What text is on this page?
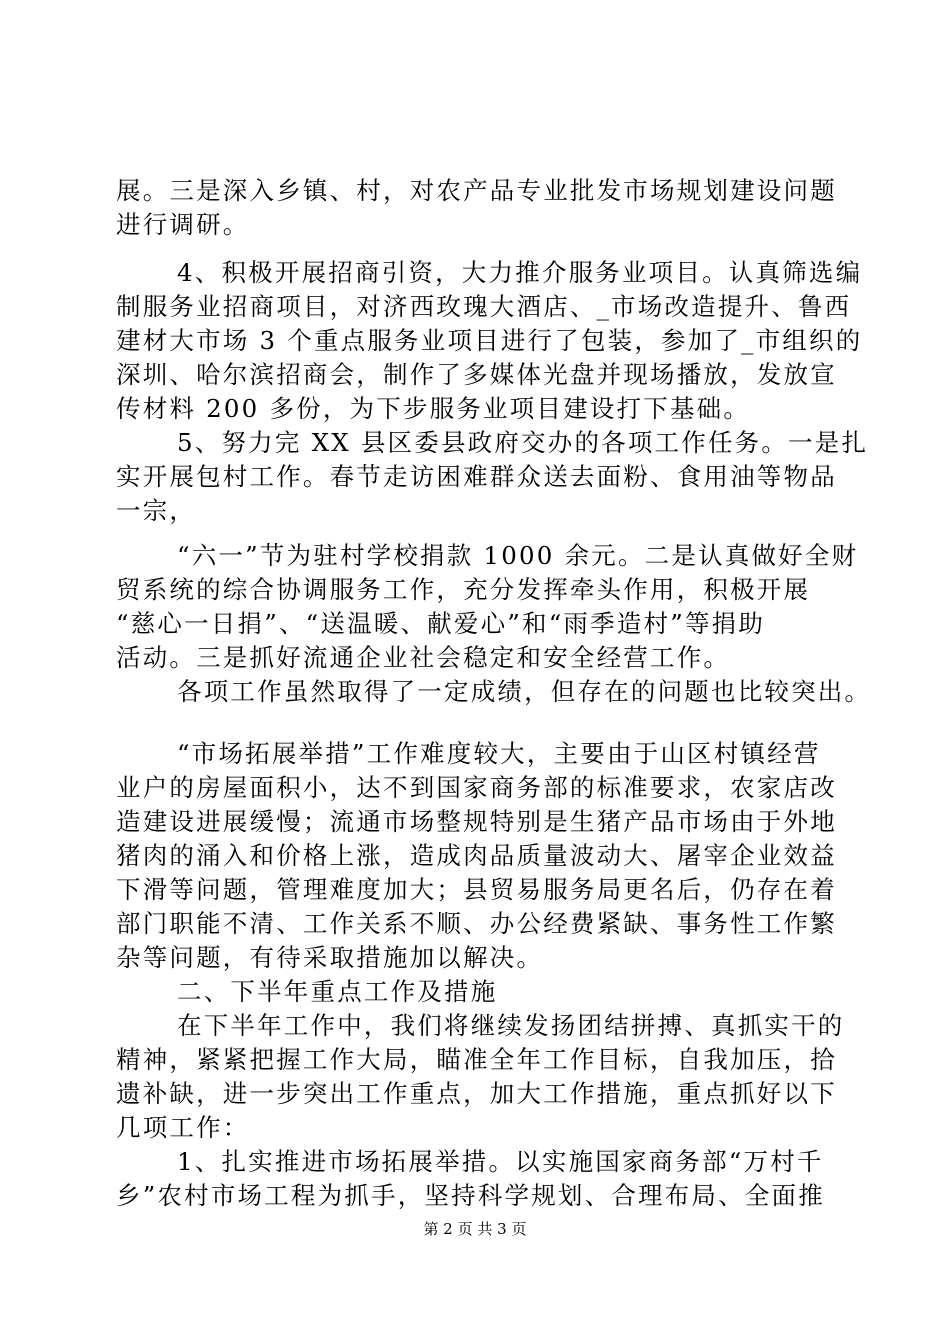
展。三是深入乡镇、村，对农产品专业批发市场规划建设问题
进行调研。
4、积极开展招商引资，大力推介服务业项目。认真筛选编
制服务业招商项目，对济西玫瑰大酒店、_市场改造提升、鲁西
建材大市场 3 个重点服务业项目进行了包装，参加了_市组织的
深圳、哈尔滨招商会，制作了多媒体光盘并现场播放，发放宣
传材料 200 多份，为下步服务业项目建设打下基础。
5、努力完 XX 县区委县政府交办的各项工作任务。一是扎
实开展包村工作。春节走访困难群众送去面粉、食用油等物品
一宗，
“六一”节为驻村学校捐款 1000 余元。二是认真做好全财
贸系统的综合协调服务工作，充分发挥牵头作用，积极开展
“慈心一日捐”、“送温暖、献爱心”和“雨季造村”等捐助
活动。三是抓好流通企业社会稳定和安全经营工作。
各项工作虽然取得了一定成绩，但存在的问题也比较突出。
“市场拓展举措”工作难度较大，主要由于山区村镇经营
业户的房屋面积小，达不到国家商务部的标准要求，农家店改
造建设进展缓慢；流通市场整规特别是生猪产品市场由于外地
猪肉的涌入和价格上涨，造成肉品质量波动大、屠宰企业效益
下滑等问题，管理难度加大；县贸易服务局更名后，仍存在着
部门职能不清、工作关系不顺、办公经费紧缺、事务性工作繁
杂等问题，有待采取措施加以解决。
二、下半年重点工作及措施
在下半年工作中，我们将继续发扬团结拼搏、真抓实干的
精神，紧紧把握工作大局，瞄准全年工作目标，自我加压，拾
遗补缺，进一步突出工作重点，加大工作措施，重点抓好以下
几项工作：
1、扎实推进市场拓展举措。以实施国家商务部“万村千
乡”农村市场工程为抓手，坚持科学规划、合理布局、全面推
第 2 页 共 3 页
